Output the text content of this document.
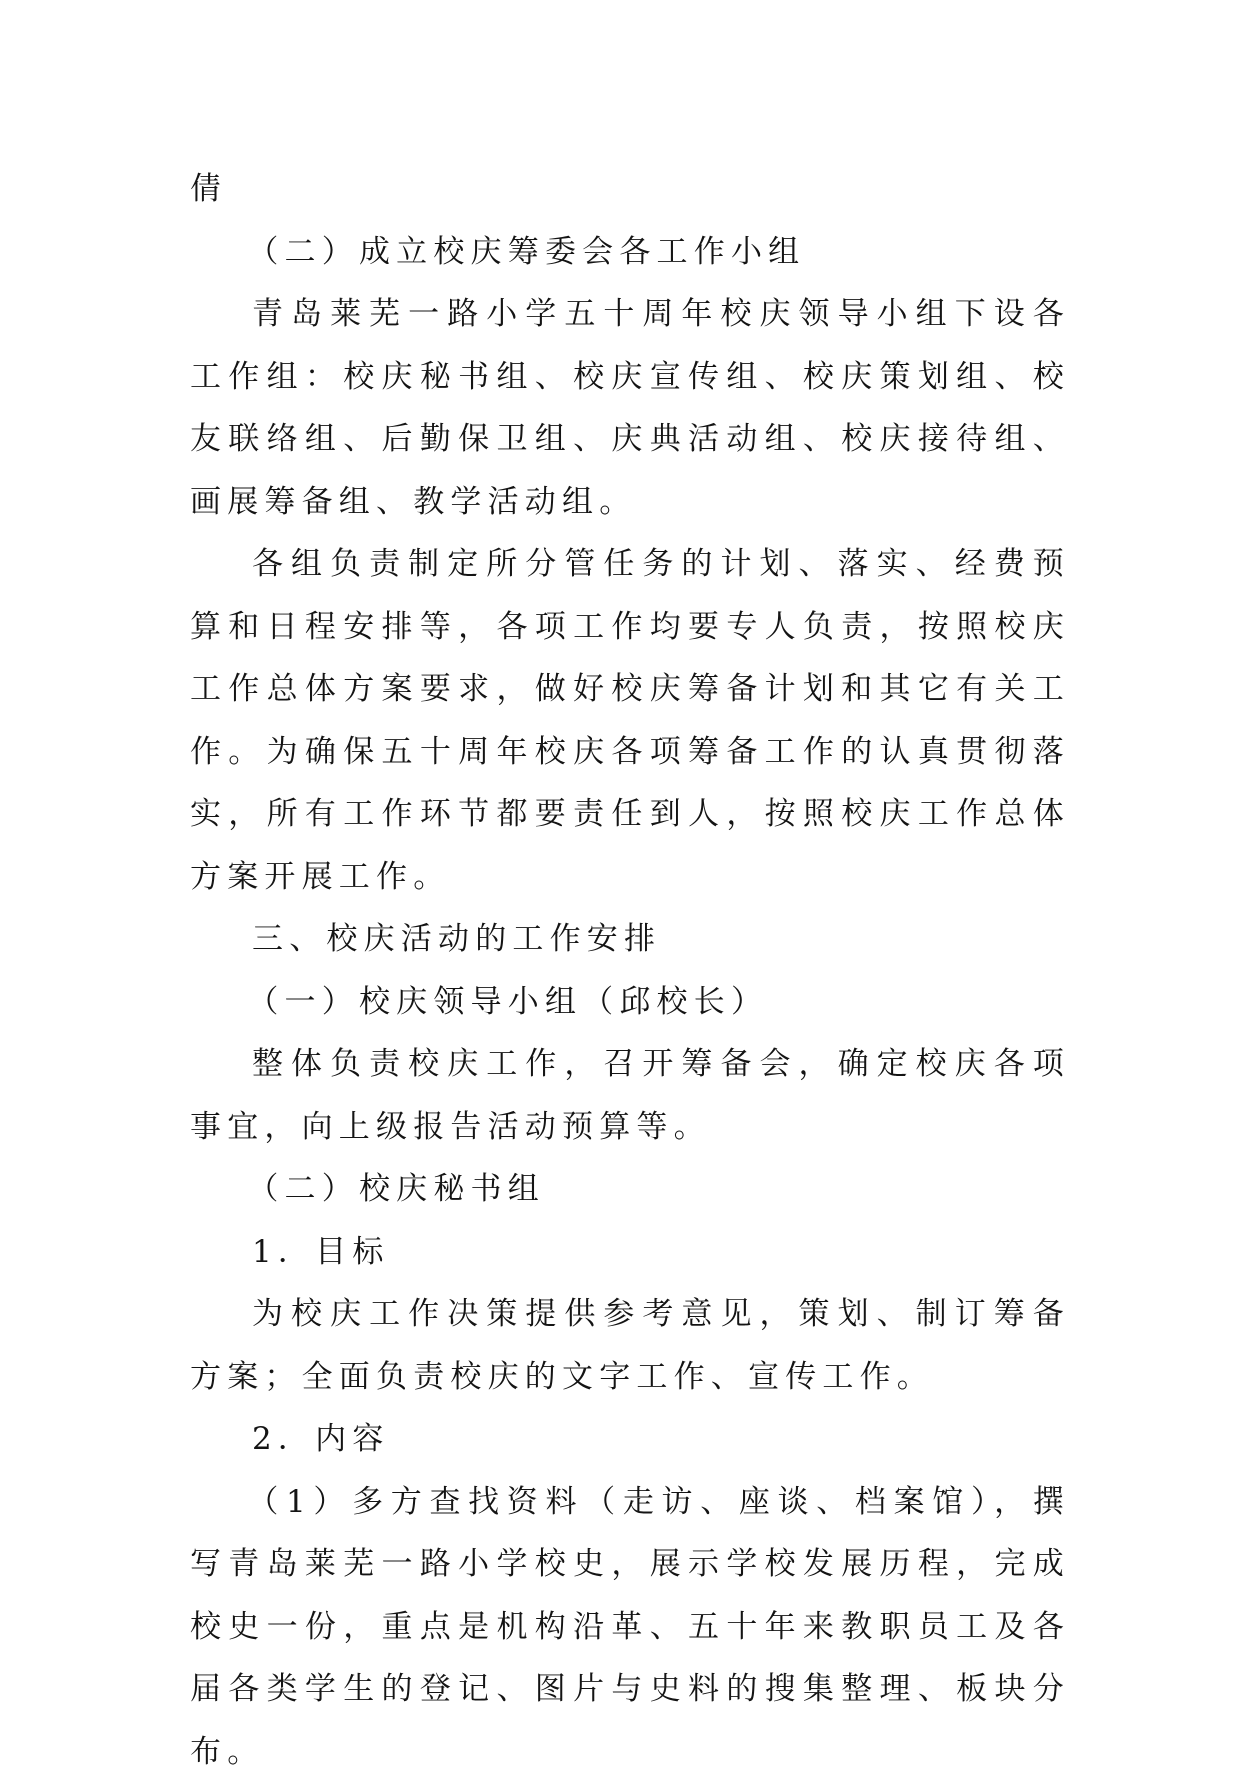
倩

（二）成立校庆筹委会各工作小组

青岛莱芜一路小学五十周年校庆领导小组下设各工作组：校庆秘书组、校庆宣传组、校庆策划组、校友联络组、后勤保卫组、庆典活动组、校庆接待组、画展筹备组、教学活动组。

各组负责制定所分管任务的计划、落实、经费预算和日程安排等，各项工作均要专人负责，按照校庆工作总体方案要求，做好校庆筹备计划和其它有关工作。为确保五十周年校庆各项筹备工作的认真贯彻落实，所有工作环节都要责任到人，按照校庆工作总体方案开展工作。

三、校庆活动的工作安排

（一）校庆领导小组（邱校长）

整体负责校庆工作，召开筹备会，确定校庆各项事宜，向上级报告活动预算等。

（二）校庆秘书组

1．目标

为校庆工作决策提供参考意见，策划、制订筹备方案；全面负责校庆的文字工作、宣传工作。

2．内容

（1）多方查找资料（走访、座谈、档案馆），撰写青岛莱芜一路小学校史，展示学校发展历程，完成校史一份，重点是机构沿革、五十年来教职员工及各届各类学生的登记、图片与史料的搜集整理、板块分布。
